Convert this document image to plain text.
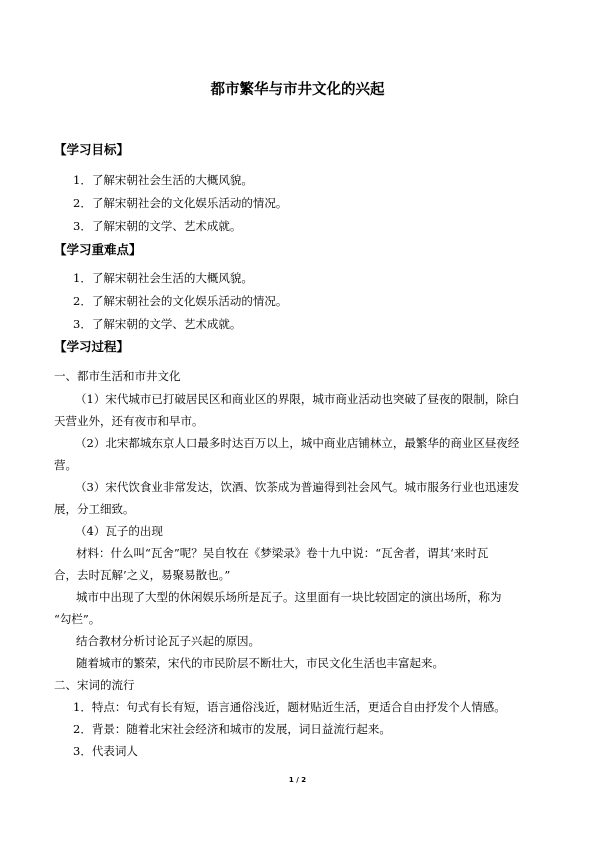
都市繁华与市井文化的兴起
【学习目标】
1．了解宋朝社会生活的大概风貌。
2．了解宋朝社会的文化娱乐活动的情况。
3．了解宋朝的文学、艺术成就。
【学习重难点】
1．了解宋朝社会生活的大概风貌。
2．了解宋朝社会的文化娱乐活动的情况。
3．了解宋朝的文学、艺术成就。
【学习过程】
一、都市生活和市井文化
（1）宋代城市已打破居民区和商业区的界限，城市商业活动也突破了昼夜的限制，除白
天营业外，还有夜市和早市。
（2）北宋都城东京人口最多时达百万以上，城中商业店铺林立，最繁华的商业区昼夜经
营。
（3）宋代饮食业非常发达，饮酒、饮茶成为普遍得到社会风气。城市服务行业也迅速发
展，分工细致。
（4）瓦子的出现
材料：什么叫“瓦舍”呢？吴自牧在《梦梁录》卷十九中说：“瓦舍者，谓其‘来时瓦
合，去时瓦解’之义，易聚易散也。”
城市中出现了大型的休闲娱乐场所是瓦子。这里面有一块比较固定的演出场所，称为
“勾栏”。
结合教材分析讨论瓦子兴起的原因。
随着城市的繁荣，宋代的市民阶层不断壮大，市民文化生活也丰富起来。
二、宋词的流行
1．特点：句式有长有短，语言通俗浅近，题材贴近生活，更适合自由抒发个人情感。
2．背景：随着北宋社会经济和城市的发展，词日益流行起来。
3．代表词人
1 / 2
